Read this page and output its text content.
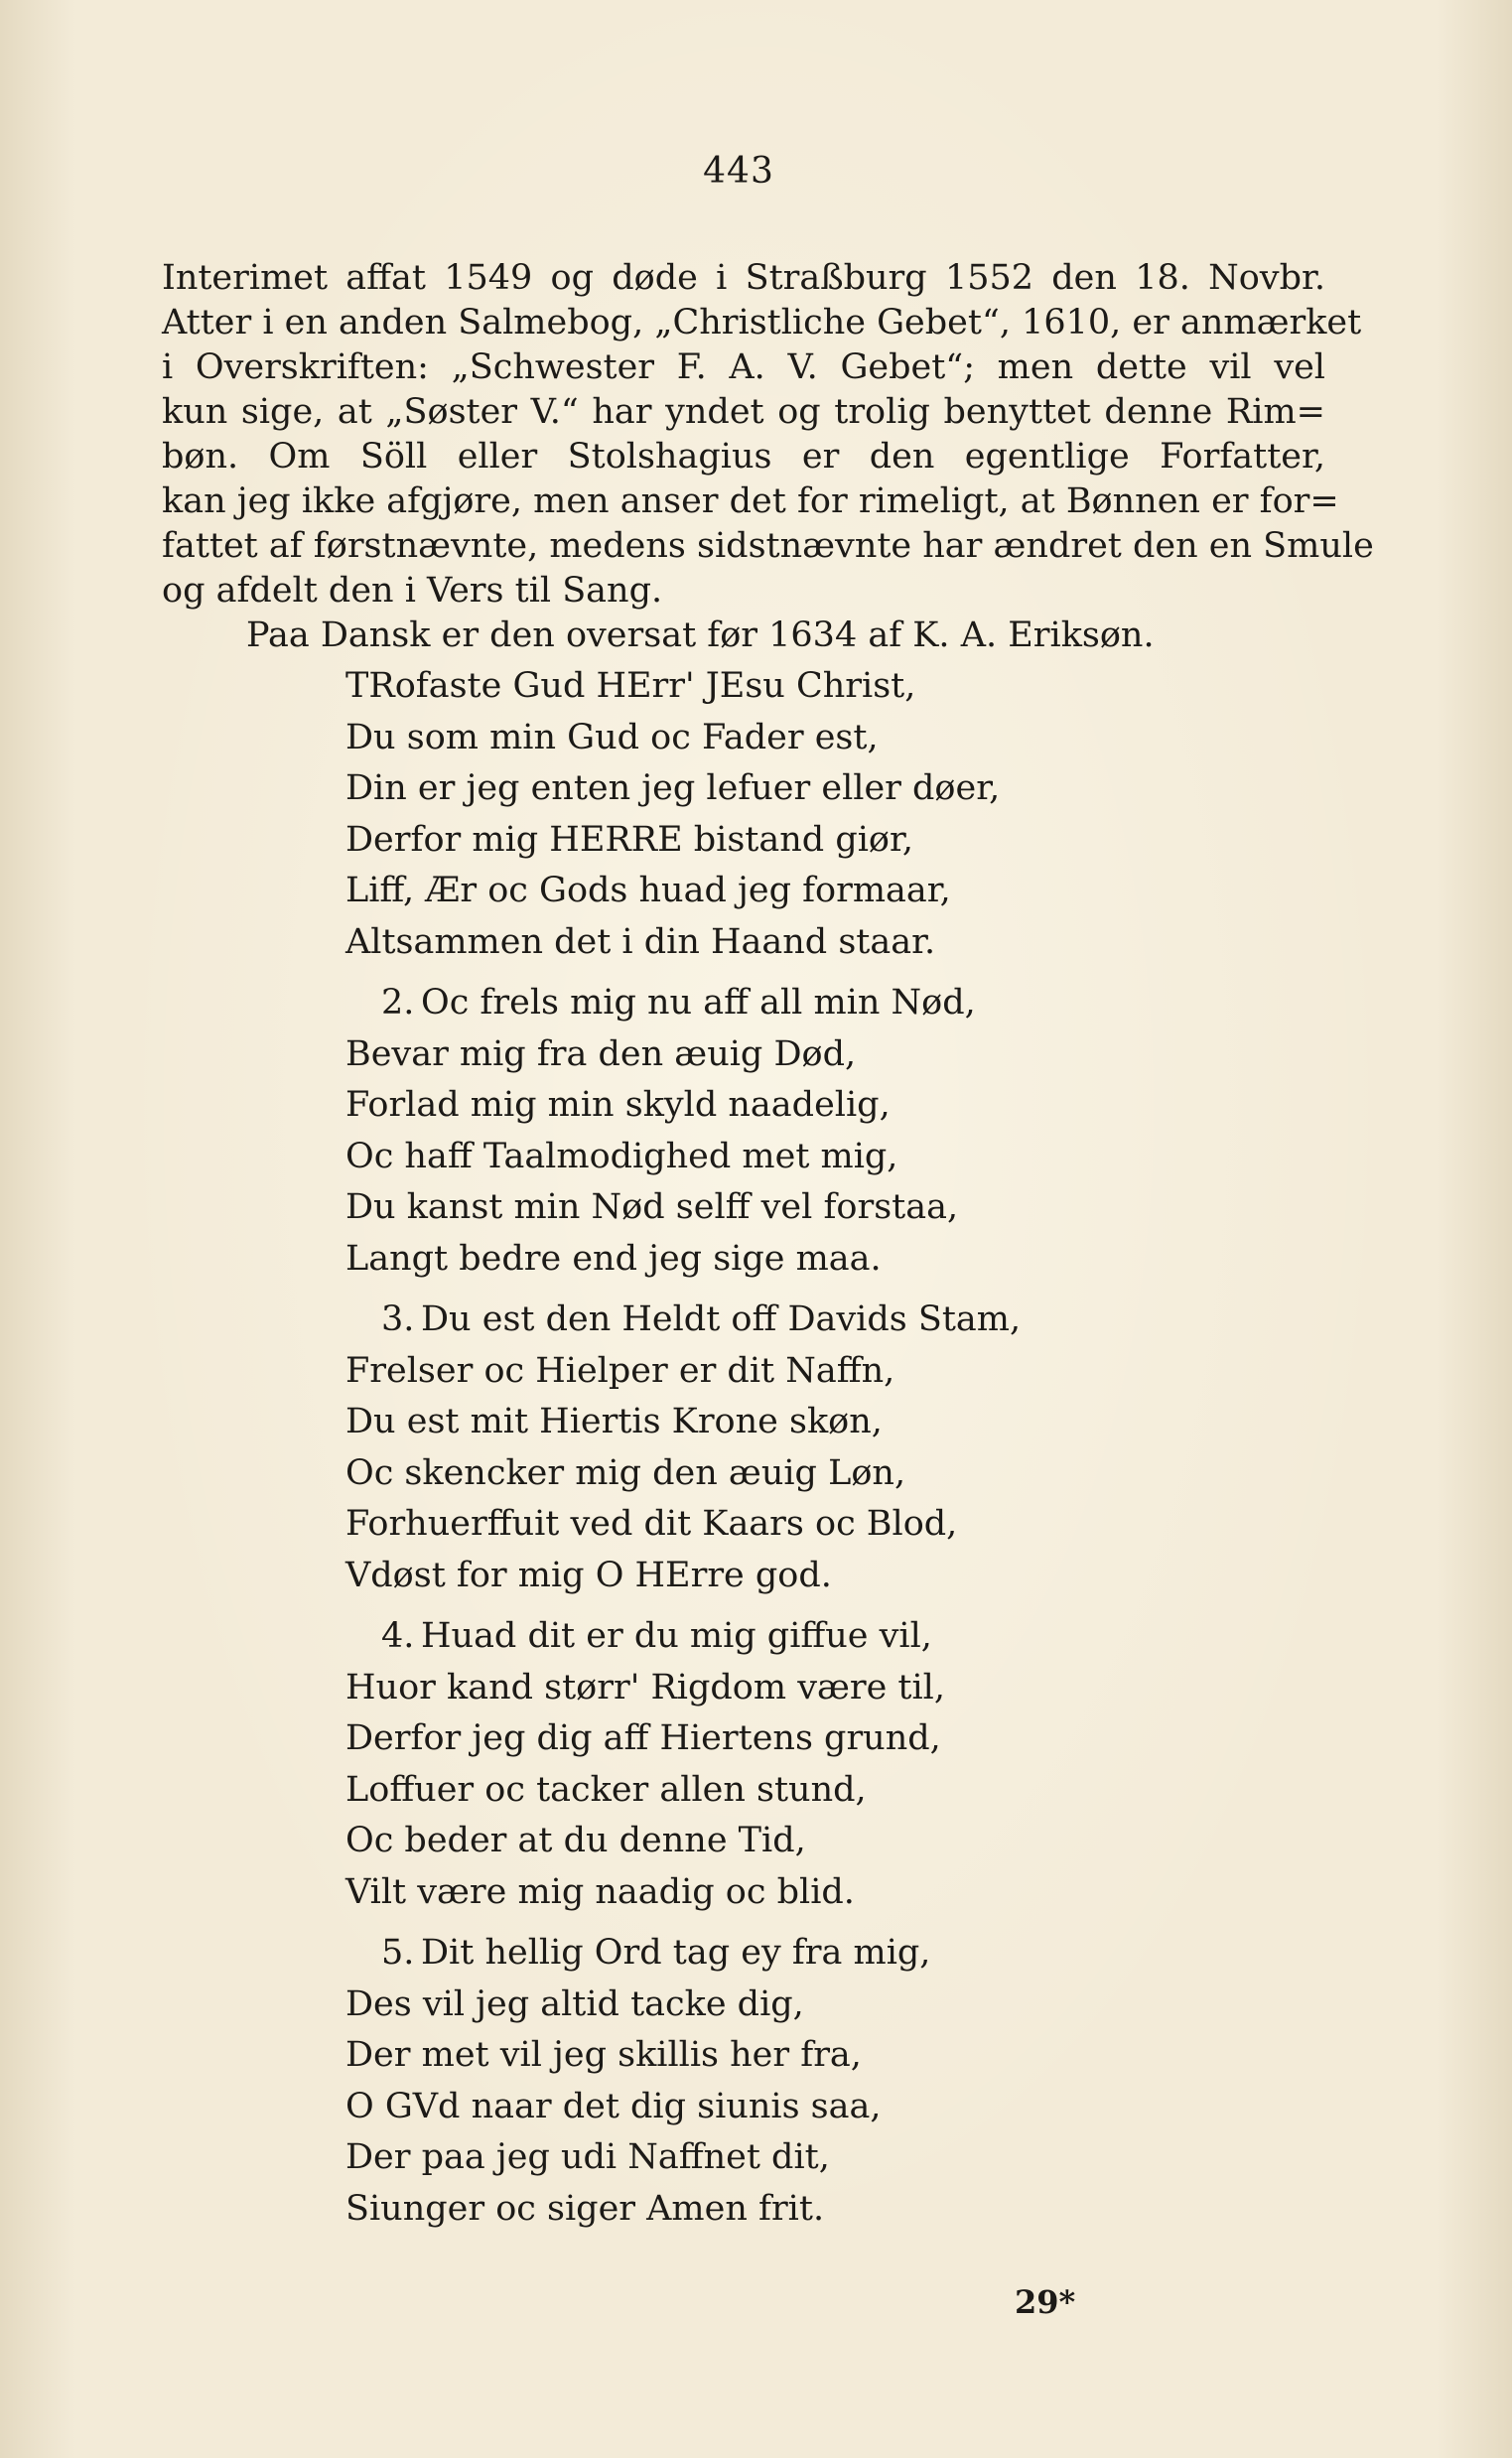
443
Interimet affat 1549 og døde i Straßburg 1552 den 18. Novbr.
Atter i en anden Salmebog, „Christliche Gebet“, 1610, er anmærket
i Overskriften: „Schwester F. A. V. Gebet“; men dette vil vel
kun sige, at „Søster V.“ har yndet og trolig benyttet denne Rim=
bøn. Om Söll eller Stolshagius er den egentlige Forfatter,
kan jeg ikke afgjøre, men anser det for rimeligt, at Bønnen er for=
fattet af førstnævnte, medens sidstnævnte har ændret den en Smule
og afdelt den i Vers til Sang.
Paa Dansk er den oversat før 1634 af K. A. Eriksøn.
TRofaste Gud HErr' JEsu Christ,
Du som min Gud oc Fader est,
Din er jeg enten jeg lefuer eller døer,
Derfor mig HERRE bistand giør,
Liff, Ær oc Gods huad jeg formaar,
Altsammen det i din Haand staar.
2. Oc frels mig nu aff all min Nød,
Bevar mig fra den æuig Død,
Forlad mig min skyld naadelig,
Oc haff Taalmodighed met mig,
Du kanst min Nød selff vel forstaa,
Langt bedre end jeg sige maa.
3. Du est den Heldt off Davids Stam,
Frelser oc Hielper er dit Naffn,
Du est mit Hiertis Krone skøn,
Oc skencker mig den æuig Løn,
Forhuerffuit ved dit Kaars oc Blod,
Vdøst for mig O HErre god.
4. Huad dit er du mig giffue vil,
Huor kand størr' Rigdom være til,
Derfor jeg dig aff Hiertens grund,
Loffuer oc tacker allen stund,
Oc beder at du denne Tid,
Vilt være mig naadig oc blid.
5. Dit hellig Ord tag ey fra mig,
Des vil jeg altid tacke dig,
Der met vil jeg skillis her fra,
O GVd naar det dig siunis saa,
Der paa jeg udi Naffnet dit,
Siunger oc siger Amen frit.
29*
